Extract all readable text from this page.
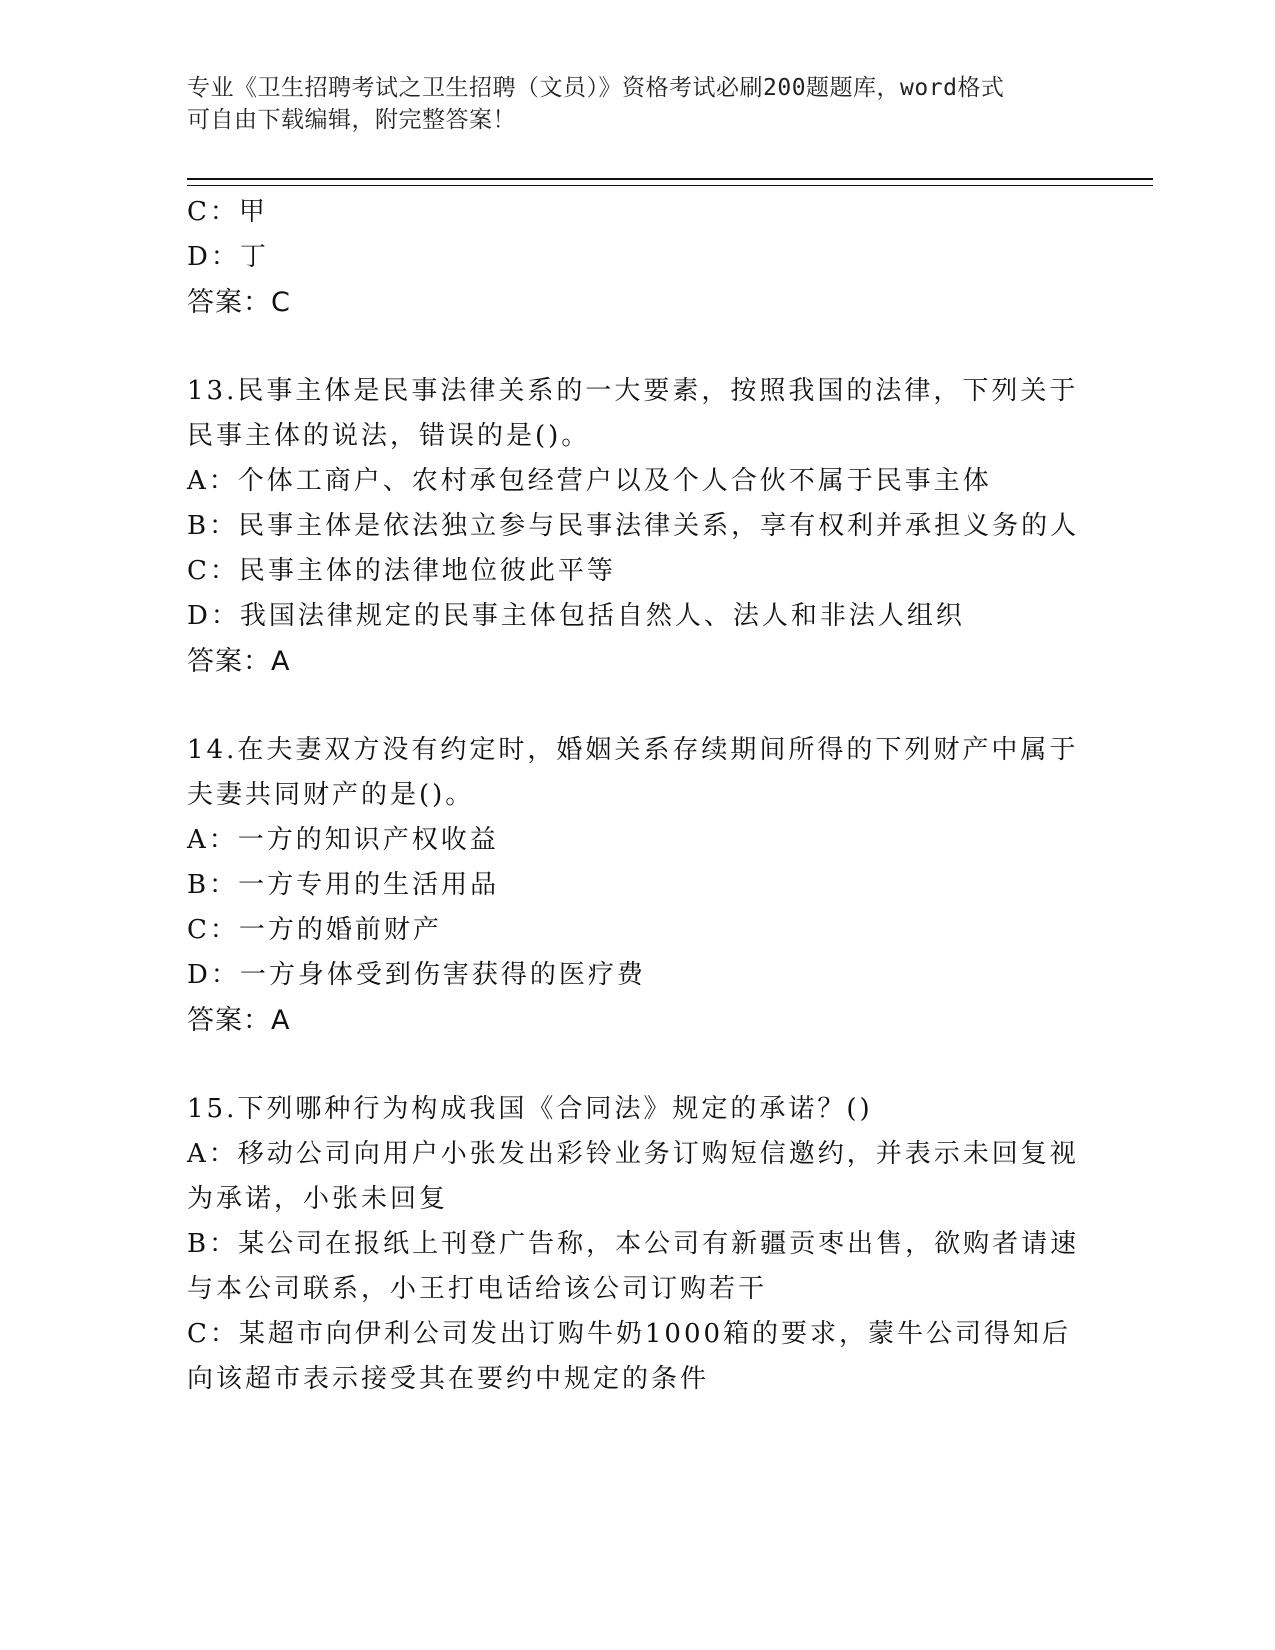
专业《卫生招聘考试之卫生招聘（文员）》资格考试必刷200题题库，word格式
可自由下载编辑，附完整答案！
C：甲
D：丁
答案：C
13.民事主体是民事法律关系的一大要素，按照我国的法律，下列关于
民事主体的说法，错误的是()。
A：个体工商户、农村承包经营户以及个人合伙不属于民事主体
B：民事主体是依法独立参与民事法律关系，享有权利并承担义务的人
C：民事主体的法律地位彼此平等
D：我国法律规定的民事主体包括自然人、法人和非法人组织
答案：A
14.在夫妻双方没有约定时，婚姻关系存续期间所得的下列财产中属于
夫妻共同财产的是()。
A：一方的知识产权收益
B：一方专用的生活用品
C：一方的婚前财产
D：一方身体受到伤害获得的医疗费
答案：A
15.下列哪种行为构成我国《合同法》规定的承诺？()
A：移动公司向用户小张发出彩铃业务订购短信邀约，并表示未回复视
为承诺，小张未回复
B：某公司在报纸上刊登广告称，本公司有新疆贡枣出售，欲购者请速
与本公司联系，小王打电话给该公司订购若干
C：某超市向伊利公司发出订购牛奶1000箱的要求，蒙牛公司得知后
向该超市表示接受其在要约中规定的条件
